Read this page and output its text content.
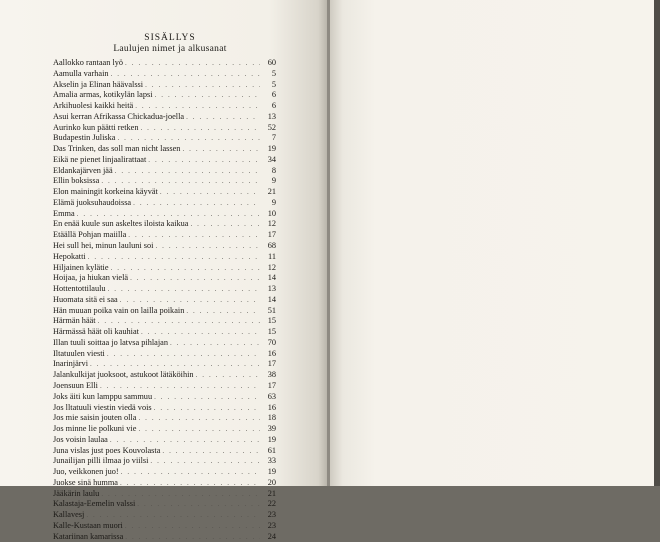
SISÄLLYS
Laulujen nimet ja alkusanat
Aallokko rantaan lyö . . .	60
Aamulla varhain . . .	5
Akselin ja Elinan häävalssi . . .	5
Amalia armas, kotikylän lapsi . . .	6
Arkihuolesi kaikki heitä . . .	6
Asui kerran Afrikassa Chickadua-joella . . .	13
Aurinko kun päätti retken . . .	52
Budapestin Juliska . . .	7
Das Trinken, das soll man nicht lassen . . .	19
Eikä ne pienet linjaalirattaat . . .	34
Eldankajärven jää . . .	8
Ellin boksissa . . .	9
Elon mainingit korkeina käyvät . . .	21
Elämä juoksuhaudoissa . . .	9
Emma . . .	10
En enää kuule sun askeltes iloista kaikua . . .	12
Etäällä Pohjan maiilla . . .	17
Hei sull hei, minun lauluni soi . . .	68
Hepokatti . . .	11
Hiljainen kylätie . . .	12
Hoijaa, ja hiukan vielä . . .	14
Hottentottilaulu . . .	13
Huomata sitä ei saa . . .	14
Hän muuan poika vain on lailla poikain . . .	51
Härmän häät . . .	15
Härmässä häät oli kauhiat . . .	15
Illan tuuli soittaa jo latvsa pihlajan . . .	70
Iltatuulen viesti . . .	16
Inarinjärvi . . .	17
Jalankulkijat juoksoot, astukoot lätäköihin . . .	38
Joensuun Elli . . .	17
Joks äiti kun lamppu sammuu . . .	63
Jos lltatuuli viestin viedä vois . . .	16
Jos mie saisin jouten olla . . .	18
Jos minne lie polkuni vie . . .	39
Jos voisin laulaa . . .	19
Juna vislas just poes Kouvolasta . . .	61
Junailijan pilli ilmaa jo viilsi . . .	33
Juo, veikkonen juo! . . .	19
Juokse sinä humma . . .	20
Jääkärin laulu . . .	21
Kalastaja-Eemelin valssi . . .	22
Kallavesj . . .	23
Kalle-Kustaan muori . . .	23
Katariinan kamarissa . . .	24
